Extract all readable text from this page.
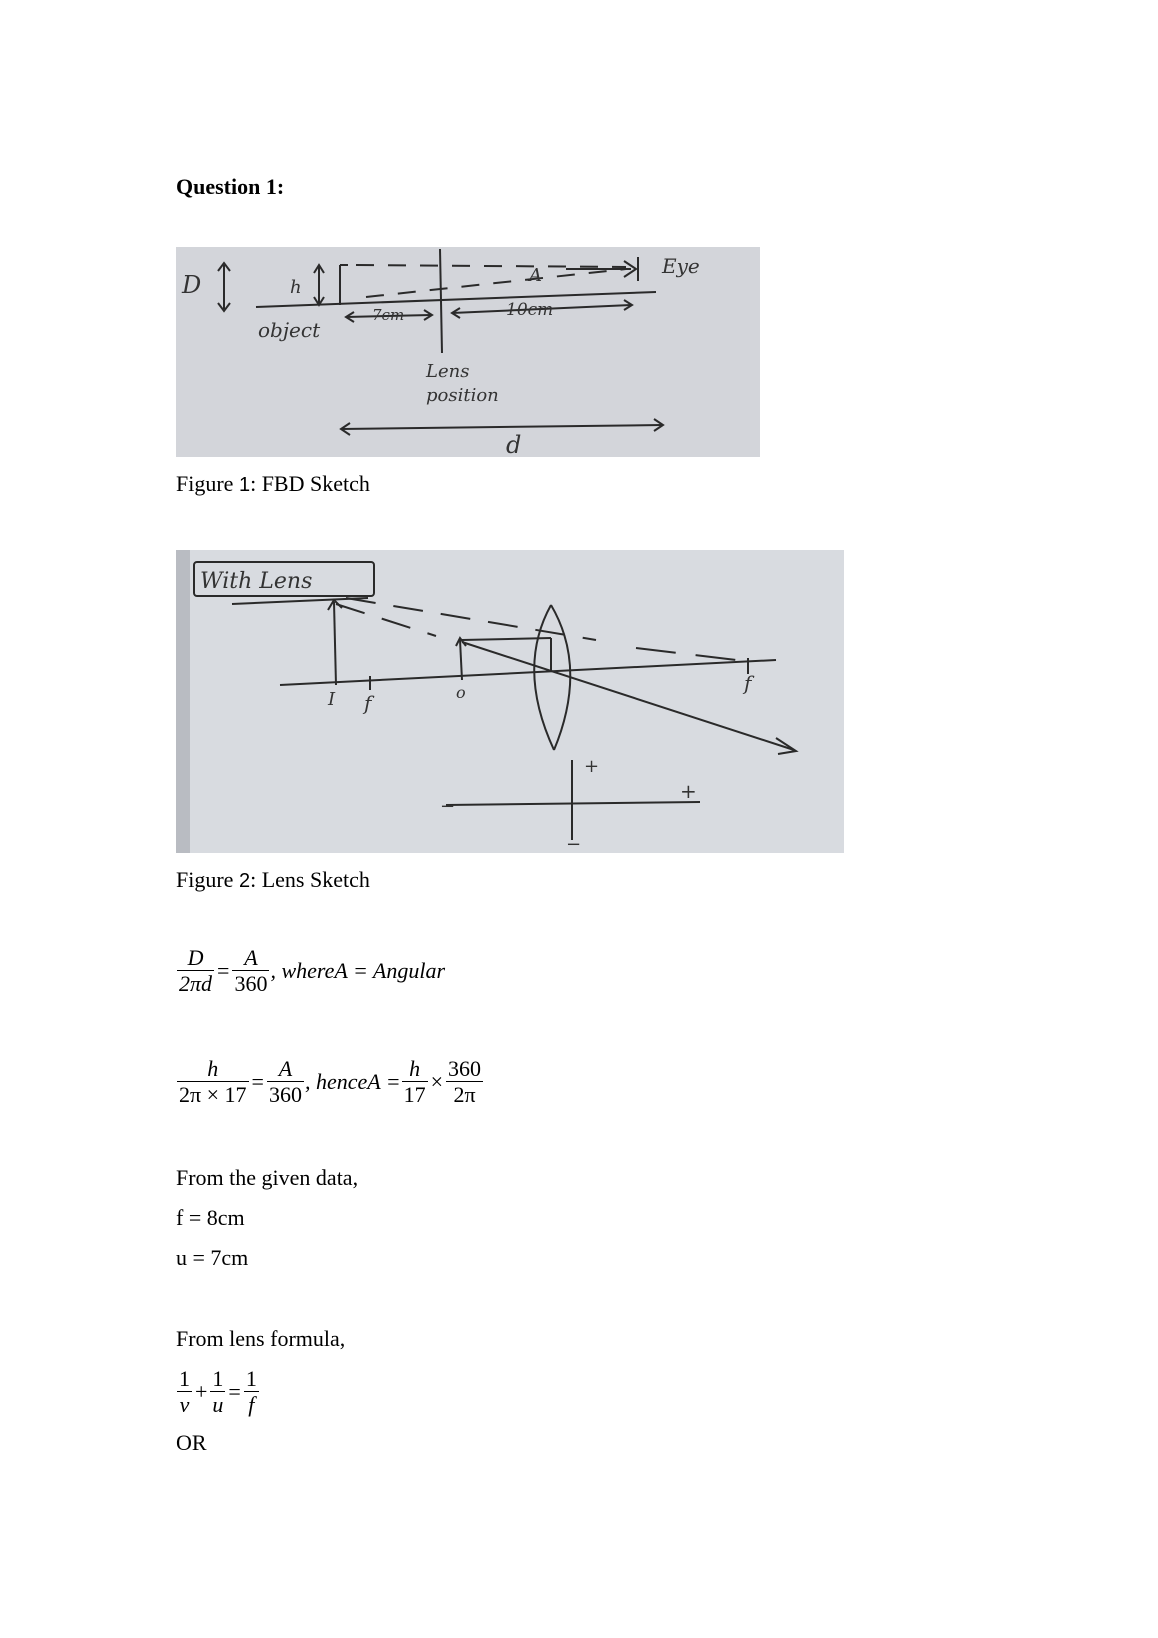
Question 1:
D	h
A	Eye
object
7cm	10cm
Lens
position
d
Figure 1: FBD Sketch
With Lens
I f	o	f
+
+
−
−
Figure 2: Lens Sketch
$\frac{D}{2\pi d} = \frac{A}{360}$ , whereA = Angular
$\frac{h}{2\pi \times 17} = \frac{A}{360}$ , henceA = $\frac{h}{17} \times \frac{360}{2\pi}$
From the given data,
f = 8cm
u = 7cm
From lens formula,
$\frac{1}{v} + \frac{1}{u} = \frac{1}{f}$
OR
